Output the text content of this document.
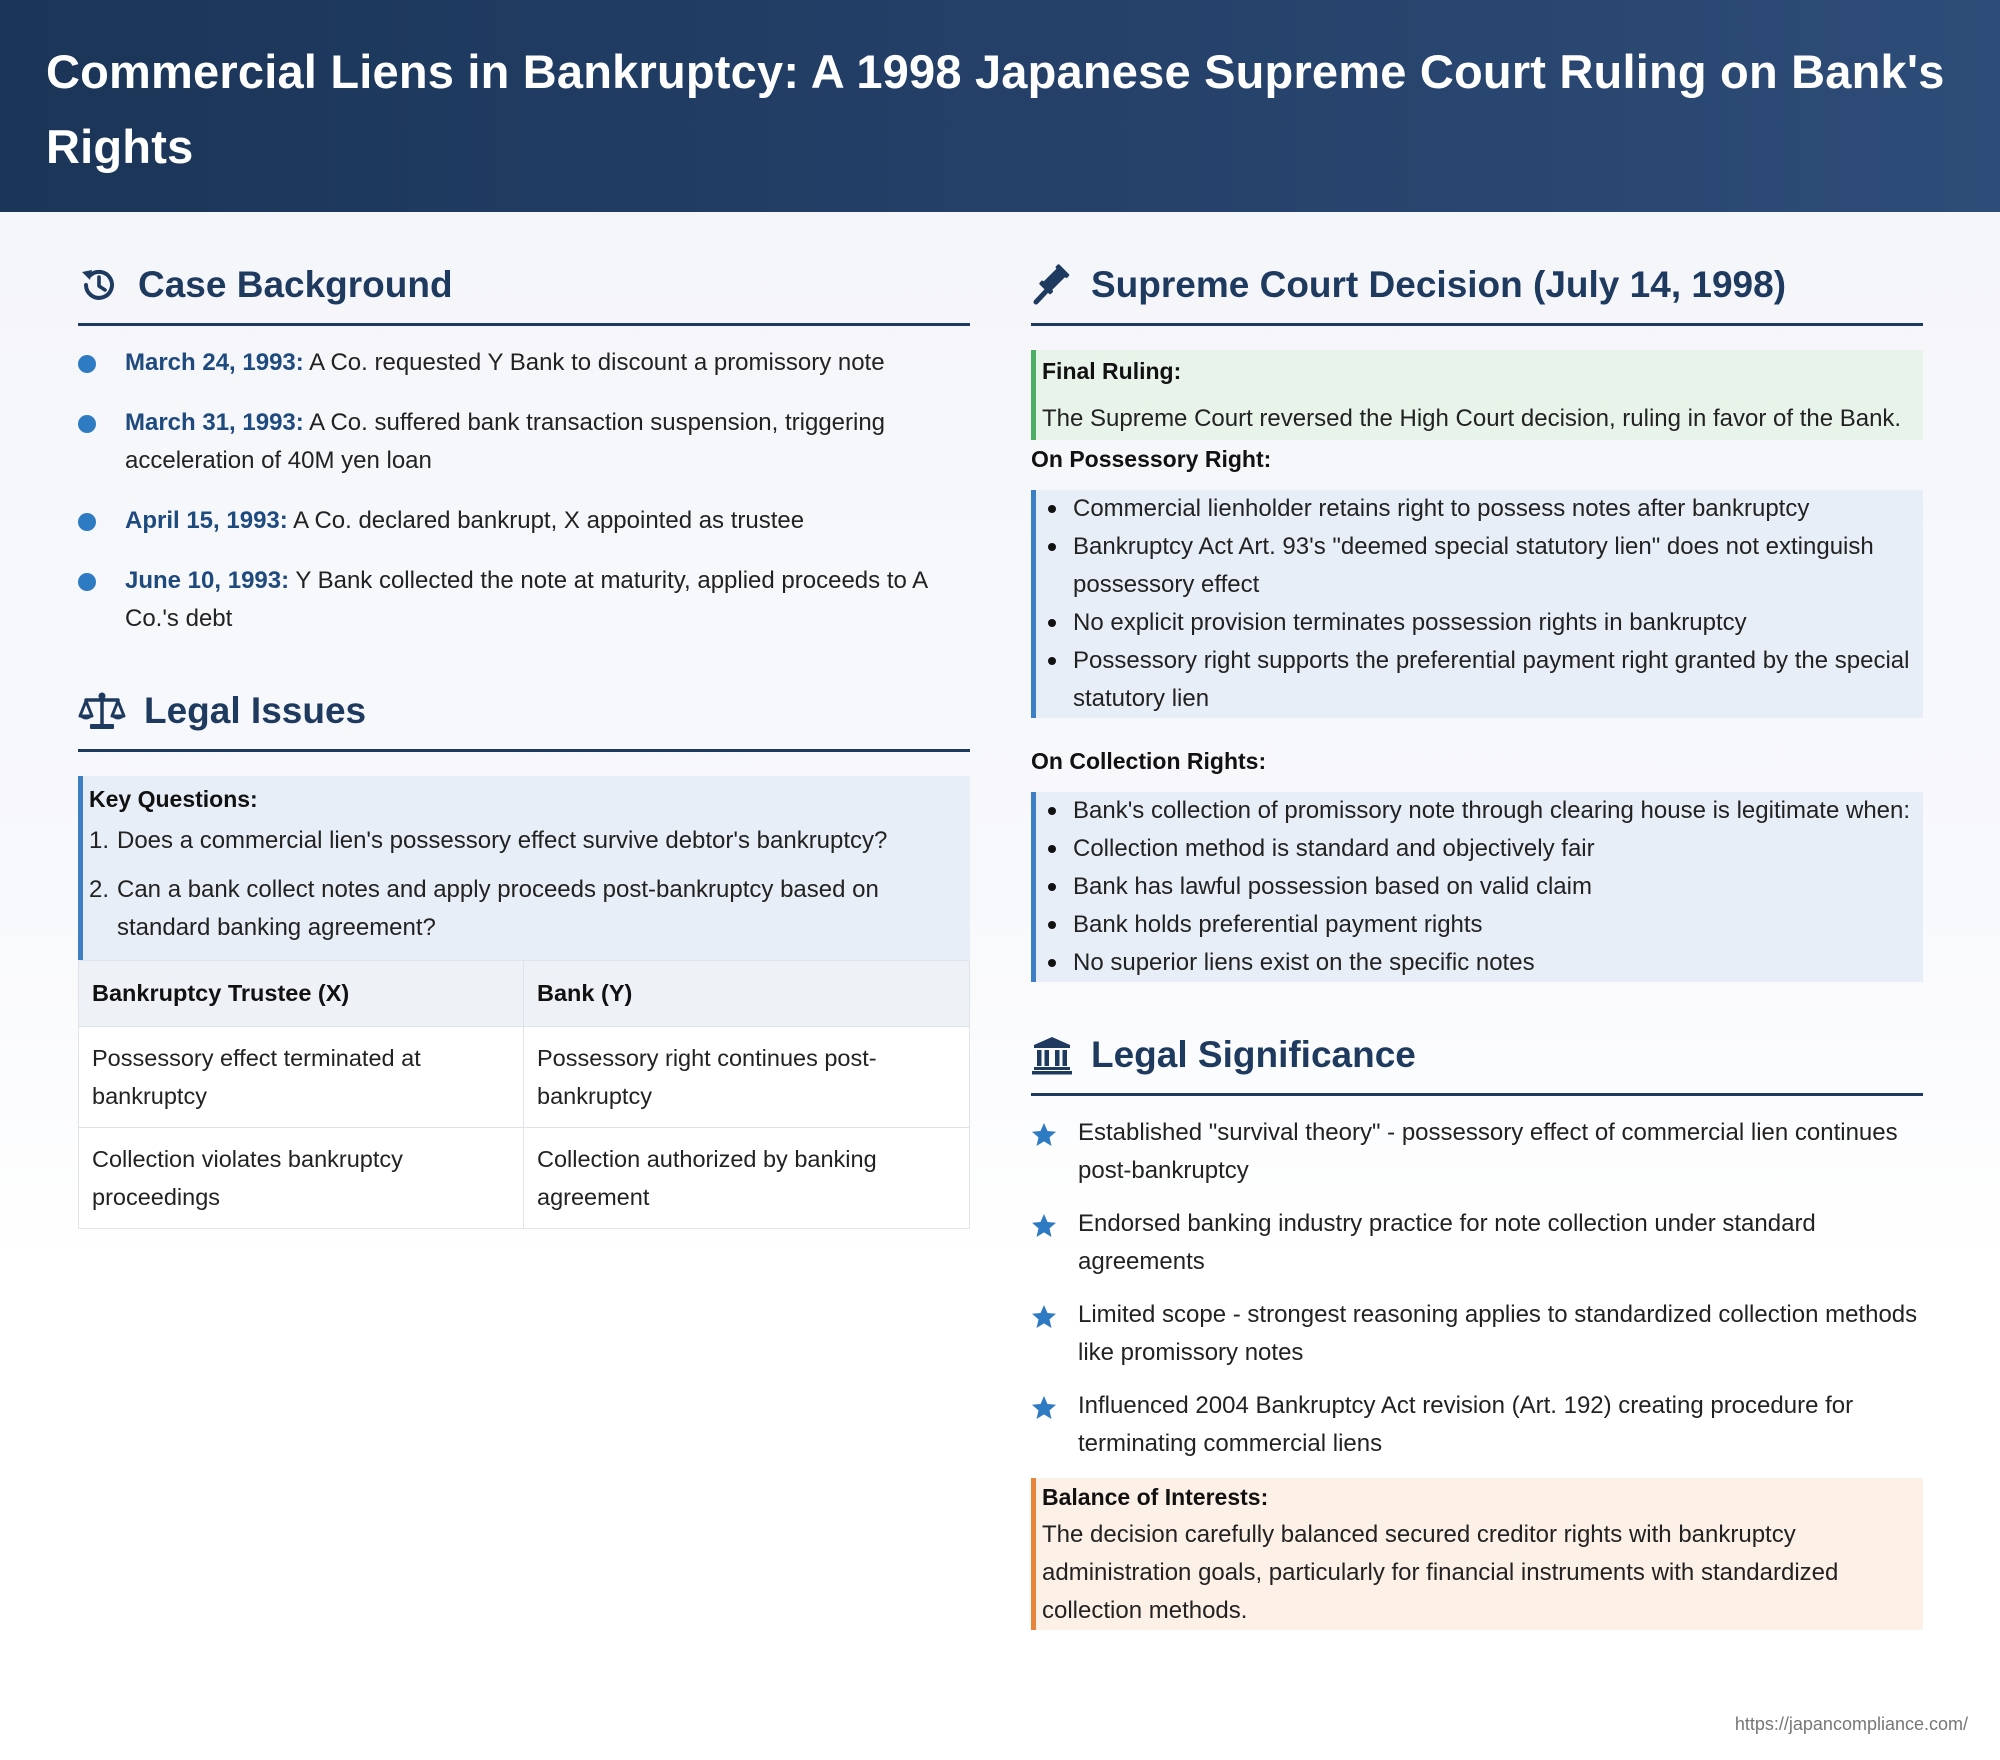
Commercial Liens in Bankruptcy: A 1998 Japanese Supreme Court Ruling on Bank's Rights
Case Background
March 24, 1993: A Co. requested Y Bank to discount a promissory note
March 31, 1993: A Co. suffered bank transaction suspension, triggering acceleration of 40M yen loan
April 15, 1993: A Co. declared bankrupt, X appointed as trustee
June 10, 1993: Y Bank collected the note at maturity, applied proceeds to A Co.'s debt
Legal Issues
Key Questions:
1. Does a commercial lien's possessory effect survive debtor's bankruptcy?
2. Can a bank collect notes and apply proceeds post-bankruptcy based on standard banking agreement?
Bankruptcy Trustee (X)	Bank (Y)
Possessory effect terminated at bankruptcy	Possessory right continues post-bankruptcy
Collection violates bankruptcy proceedings	Collection authorized by banking agreement
Supreme Court Decision (July 14, 1998)
Final Ruling:
The Supreme Court reversed the High Court decision, ruling in favor of the Bank.
On Possessory Right:
Commercial lienholder retains right to possess notes after bankruptcy
Bankruptcy Act Art. 93's "deemed special statutory lien" does not extinguish possessory effect
No explicit provision terminates possession rights in bankruptcy
Possessory right supports the preferential payment right granted by the special statutory lien
On Collection Rights:
Bank's collection of promissory note through clearing house is legitimate when:
Collection method is standard and objectively fair
Bank has lawful possession based on valid claim
Bank holds preferential payment rights
No superior liens exist on the specific notes
Legal Significance
Established "survival theory" - possessory effect of commercial lien continues post-bankruptcy
Endorsed banking industry practice for note collection under standard agreements
Limited scope - strongest reasoning applies to standardized collection methods like promissory notes
Influenced 2004 Bankruptcy Act revision (Art. 192) creating procedure for terminating commercial liens
Balance of Interests:
The decision carefully balanced secured creditor rights with bankruptcy administration goals, particularly for financial instruments with standardized collection methods.
https://japancompliance.com/
